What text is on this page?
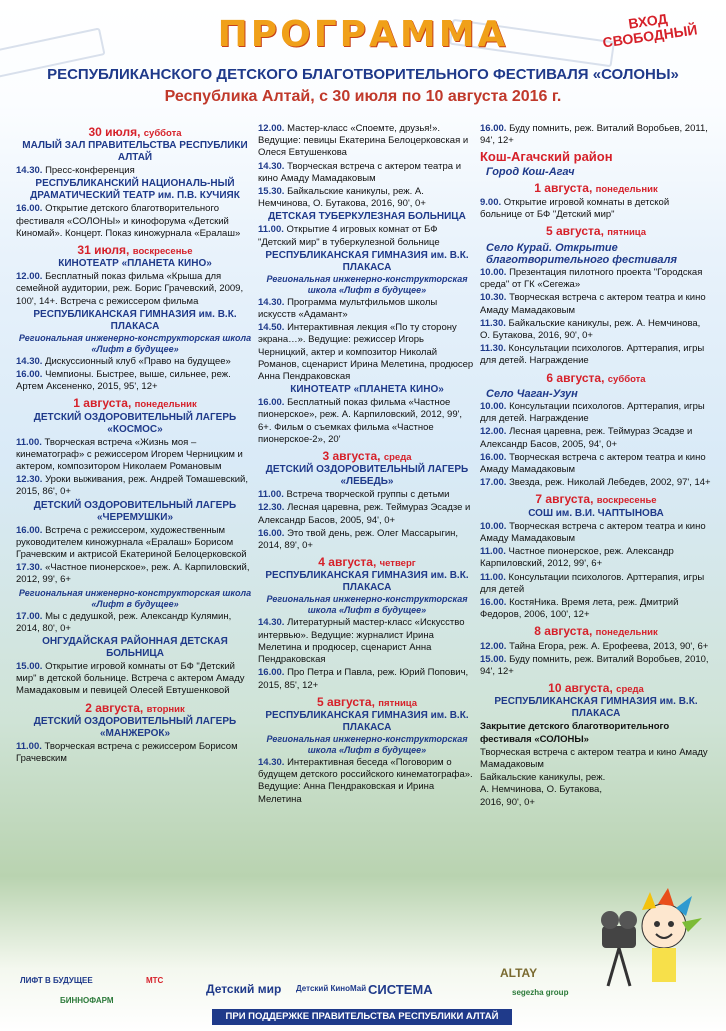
ПРОГРАММА
РЕСПУБЛИКАНСКОГО ДЕТСКОГО БЛАГОТВОРИТЕЛЬНОГО ФЕСТИВАЛЯ «СОЛОНЫ»
Республика Алтай, с 30 июля по 10 августа 2016 г.
ВХОД СВОБОДНЫЙ
30 июля, суббота
МАЛЫЙ ЗАЛ ПРАВИТЕЛЬСТВА РЕСПУБЛИКИ АЛТАЙ
14.30. Пресс-конференция
РЕСПУБЛИКАНСКИЙ НАЦИОНАЛЬ-НЫЙ ДРАМАТИЧЕСКИЙ ТЕАТР им. П.В. КУЧИЯК
16.00. Открытие детского благотворительного фестиваля «СОЛОНЫ» и кинофорума «Детский Киномай». Концерт. Показ киножурнала «Ералаш»
31 июля, воскресенье
КИНОТЕАТР «ПЛАНЕТА КИНО»
12.00. Бесплатный показ фильма «Крыша для семейной аудитории, реж. Борис Грачевский, 2009, 100', 14+. Встреча с режиссером фильма
РЕСПУБЛИКАНСКАЯ ГИМНАЗИЯ им. В.К. ПЛАКАСА
Региональная инженерно-конструкторская школа «Лифт в будущее»
14.30. Дискуссионный клуб «Право на будущее»
16.00. Чемпионы. Быстрее, выше, сильнее, реж. Артем Аксененко, 2015, 95', 12+
1 августа, понедельник
ДЕТСКИЙ ОЗДОРОВИТЕЛЬНЫЙ ЛАГЕРЬ «КОСМОС»
11.00. Творческая встреча «Жизнь моя – кинематограф» с режиссером Игорем Черницким и актером, композитором Николаем Романовым
12.30. Уроки выживания, реж. Андрей Томашевский, 2015, 86', 0+
ДЕТСКИЙ ОЗДОРОВИТЕЛЬНЫЙ ЛАГЕРЬ «ЧЕРЕМУШКИ»
16.00. Встреча с режиссером, художественным руководителем киножурнала «Ералаш» Борисом Грачевским и актрисой Екатериной Белоцерковской
17.30. «Частное пионерское», реж. А. Карпиловский, 2012, 99', 6+
Региональная инженерно-конструкторская школа «Лифт в будущее»
17.00. Мы с дедушкой, реж. Александр Кулямин, 2014, 80', 0+
ОНГУДАЙСКАЯ РАЙОННАЯ ДЕТСКАЯ БОЛЬНИЦА
15.00. Открытие игровой комнаты от БФ "Детский мир" в детской больнице. Встреча с актером Амаду Мамадаковым и певицей Олесей Евтушенковой
2 августа, вторник
ДЕТСКИЙ ОЗДОРОВИТЕЛЬНЫЙ ЛАГЕРЬ «МАНЖЕРОК»
11.00. Творческая встреча с режиссером Борисом Грачевским
12.00. Мастер-класс «Споемте, друзья!». Ведущие: певицы Екатерина Белоцерковская и Олеся Евтушенкова
14.30. Творческая встреча с актером театра и кино Амаду Мамадаковым
15.30. Байкальские каникулы, реж. А. Немчинова, О. Бутакова, 2016, 90', 0+
ДЕТСКАЯ ТУБЕРКУЛЕЗНАЯ БОЛЬНИЦА
11.00. Открытие 4 игровых комнат от БФ "Детский мир" в туберкулезной больнице
РЕСПУБЛИКАНСКАЯ ГИМНАЗИЯ им. В.К. ПЛАКАСА
Региональная инженерно-конструкторская школа «Лифт в будущее»
14.30. Программа мультфильмов школы искусств «Адамант»
14.50. Интерактивная лекция «По ту сторону экрана…». Ведущие: режиссер Игорь Черницкий, актер и композитор Николай Романов, сценарист Ирина Мелетина, продюсер Анна Пендраковская
КИНОТЕАТР «ПЛАНЕТА КИНО»
16.00. Бесплатный показ фильма «Частное пионерское», реж. А. Карпиловский, 2012, 99', 6+. Фильм о съемках фильма «Частное пионерское-2», 20'
3 августа, среда
ДЕТСКИЙ ОЗДОРОВИТЕЛЬНЫЙ ЛАГЕРЬ «ЛЕБЕДЬ»
11.00. Встреча творческой группы с детьми
12.30. Лесная царевна, реж. Теймураз Эсадзе и Александр Басов, 2005, 94', 0+
16.00. Это твой день, реж. Олег Массарыгин, 2014, 89', 0+
4 августа, четверг
РЕСПУБЛИКАНСКАЯ ГИМНАЗИЯ им. В.К. ПЛАКАСА
Региональная инженерно-конструкторская школа «Лифт в будущее»
14.30. Литературный мастер-класс «Искусство интервью». Ведущие: журналист Ирина Мелетина и продюсер, сценарист Анна Пендраковская
16.00. Про Петра и Павла, реж. Юрий Попович, 2015, 85', 12+
5 августа, пятница
РЕСПУБЛИКАНСКАЯ ГИМНАЗИЯ им. В.К. ПЛАКАСА
Региональная инженерно-конструкторская школа «Лифт в будущее»
14.30. Интерактивная беседа «Поговорим о будущем детского российского кинематографа». Ведущие: Анна Пендраковская и Ирина Мелетина
16.00. Буду помнить, реж. Виталий Воробьев, 2011, 94', 12+
Кош-Агачский район
Город Кош-Агач
1 августа, понедельник
9.00. Открытие игровой комнаты в детской больнице от БФ "Детский мир"
5 августа, пятница
Село Курай. Открытие благотворительного фестиваля
10.00. Презентация пилотного проекта "Городская среда" от ГК «Сегежа»
10.30. Творческая встреча с актером театра и кино Амаду Мамадаковым
11.30. Байкальские каникулы, реж. А. Немчинова, О. Бутакова, 2016, 90', 0+
11.30. Консультации психологов. Арттерапия, игры для детей. Награждение
6 августа, суббота
Село Чаган-Узун
10.00. Консультации психологов. Арттерапия, игры для детей. Награждение
12.00. Лесная царевна, реж. Теймураз Эсадзе и Александр Басов, 2005, 94', 0+
16.00. Творческая встреча с актером театра и кино Амаду Мамадаковым
17.00. Звезда, реж. Николай Лебедев, 2002, 97', 14+
7 августа, воскресенье
СОШ им. В.И. ЧАПТЫНОВА
10.00. Творческая встреча с актером театра и кино Амаду Мамадаковым
11.00. Частное пионерское, реж. Александр Карпиловский, 2012, 99', 6+
11.00. Консультации психологов. Арттерапия, игры для детей
16.00. КостяНика. Время лета, реж. Дмитрий Федоров, 2006, 100', 12+
8 августа, понедельник
12.00. Тайна Егора, реж. А. Ерофеева, 2013, 90', 6+
15.00. Буду помнить, реж. Виталий Воробьев, 2010, 94', 12+
10 августа, среда
РЕСПУБЛИКАНСКАЯ ГИМНАЗИЯ им. В.К. ПЛАКАСА
Закрытие детского благотворительного фестиваля «СОЛОНЫ»
Творческая встреча с актером театра и кино Амаду Мамадаковым
Байкальские каникулы, реж. А. Немчинова, О. Бутакова, 2016, 90', 0+
ЛИФТ В БУДУЩЕЕ	МТС
Детский мир Детский КиноМай СИСТЕМА
ALTAY
segezha group
БИННОФАРМ
ПРИ ПОДДЕРЖКЕ ПРАВИТЕЛЬСТВА РЕСПУБЛИКИ АЛТАЙ
